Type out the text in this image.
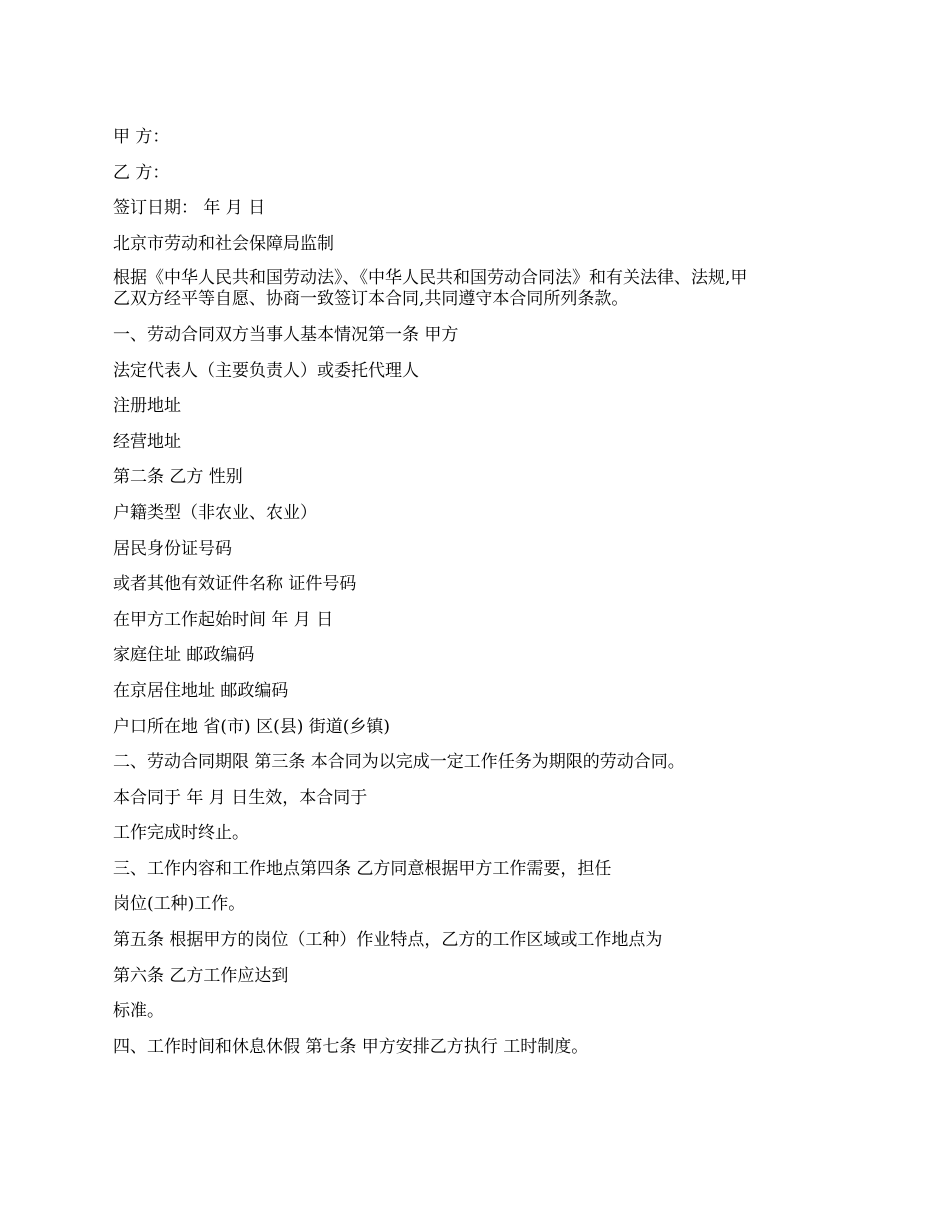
甲 方：
乙 方：
签订日期： 年 月 日
北京市劳动和社会保障局监制
根据《中华人民共和国劳动法》、《中华人民共和国劳动合同法》和有关法律、法规,甲
乙双方经平等自愿、协商一致签订本合同,共同遵守本合同所列条款。
一、劳动合同双方当事人基本情况第一条 甲方
法定代表人（主要负责人）或委托代理人
注册地址
经营地址
第二条 乙方 性别
户籍类型（非农业、农业）
居民身份证号码
或者其他有效证件名称 证件号码
在甲方工作起始时间 年 月 日
家庭住址 邮政编码
在京居住地址 邮政编码
户口所在地 省(市) 区(县) 街道(乡镇)
二、劳动合同期限 第三条 本合同为以完成一定工作任务为期限的劳动合同。
本合同于 年 月 日生效，本合同于
工作完成时终止。
三、工作内容和工作地点第四条 乙方同意根据甲方工作需要，担任
岗位(工种)工作。
第五条 根据甲方的岗位（工种）作业特点，乙方的工作区域或工作地点为
第六条 乙方工作应达到
标准。
四、工作时间和休息休假 第七条 甲方安排乙方执行 工时制度。
